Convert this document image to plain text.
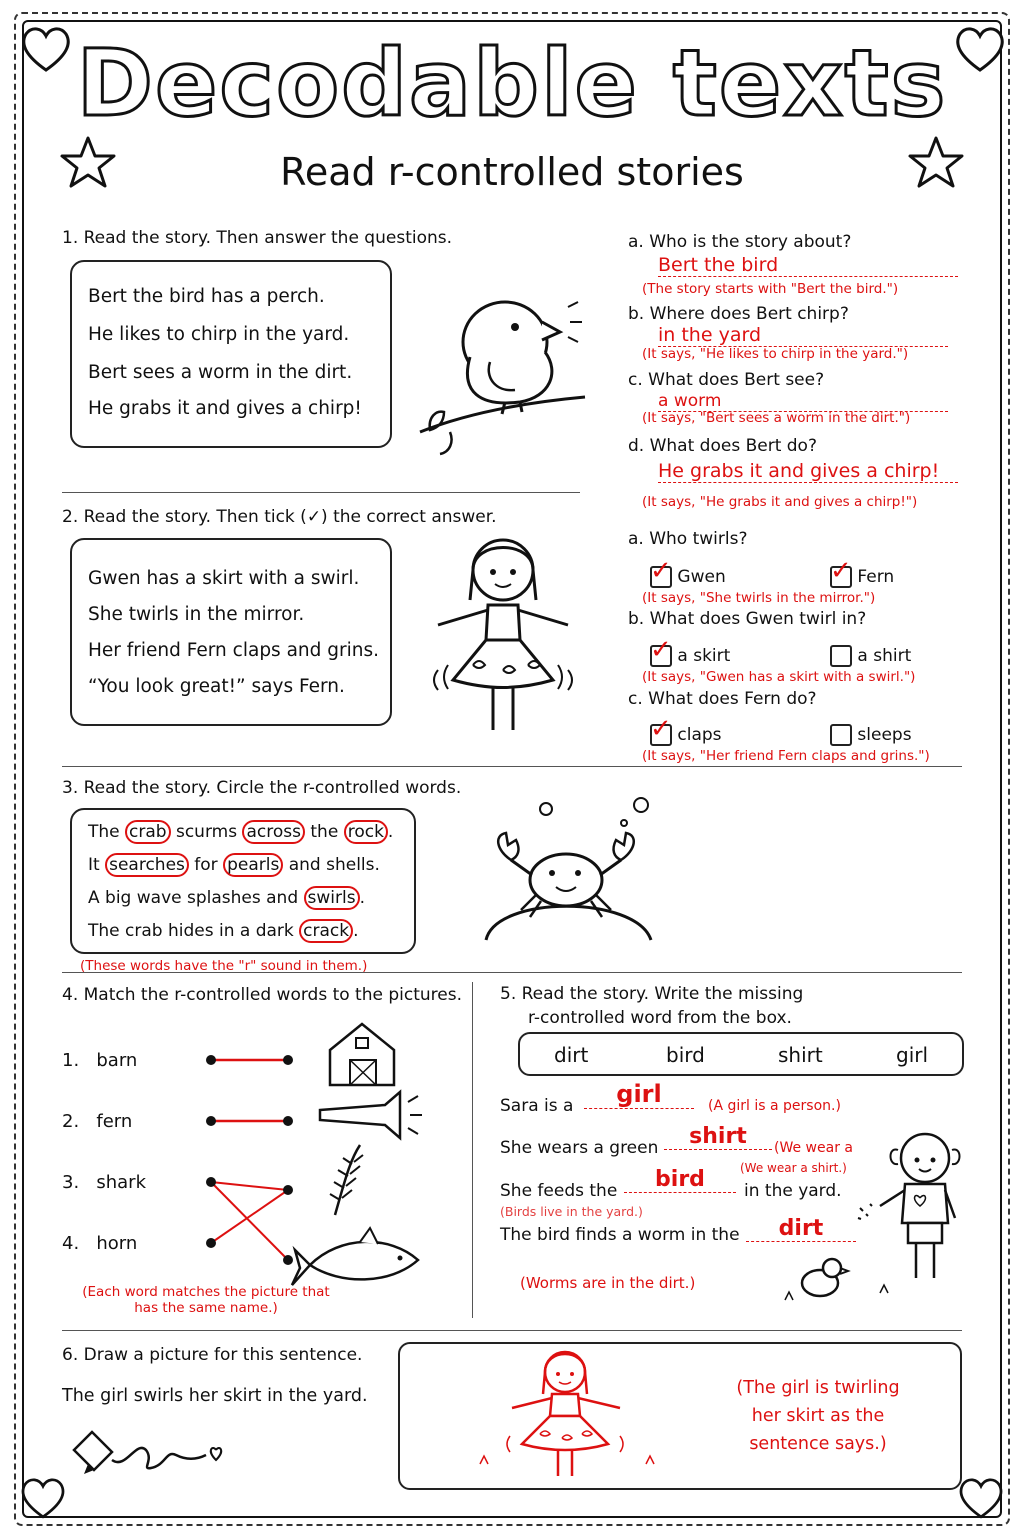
Decodable texts
Read r-controlled stories
1. Read the story. Then answer the questions.
Bert the bird has a perch.
He likes to chirp in the yard.
Bert sees a worm in the dirt.
He grabs it and gives a chirp!
a. Who is the story about?
Bert the bird
(The story starts with "Bert the bird.")
b. Where does Bert chirp?
in the yard
(It says, "He likes to chirp in the yard.")
c. What does Bert see?
a worm
(It says, "Bert sees a worm in the dirt.")
d. What does Bert do?
He grabs it and gives a chirp!
(It says, "He grabs it and gives a chirp!")
2. Read the story. Then tick (✓) the correct answer.
Gwen has a skirt with a swirl.
She twirls in the mirror.
Her friend Fern claps and grins.
“You look great!” says Fern.
a. Who twirls?
✓ Gwen	✓ Fern
(It says, "She twirls in the mirror.")
b. What does Gwen twirl in?
✓ a skirt	a shirt
(It says, "Gwen has a skirt with a swirl.")
c. What does Fern do?
✓ claps	sleeps
(It says, "Her friend Fern claps and grins.")
3. Read the story. Circle the r-controlled words.
The crab scurms across the rock .
It searches for pearls and shells.
A big wave splashes and swirls .
The crab hides in a dark crack .
(These words have the "r" sound in them.)
4. Match the r-controlled words to the pictures.
1. barn
2. fern
3. shark
4. horn
(Each word matches the picture that
has the same name.)
5. Read the story. Write the missing
r-controlled word from the box.
dirt	bird	shirt	girl
Sara is a	girl	(A girl is a person.)
She wears a green	shirt	(We wear a
(We wear a shirt.)
She feeds the	bird	in the yard.
(Birds live in the yard.)
The bird finds a worm in the	dirt
(Worms are in the dirt.)
6. Draw a picture for this sentence.
The girl swirls her skirt in the yard.	(The girl is twirling
her skirt as the
sentence says.)
